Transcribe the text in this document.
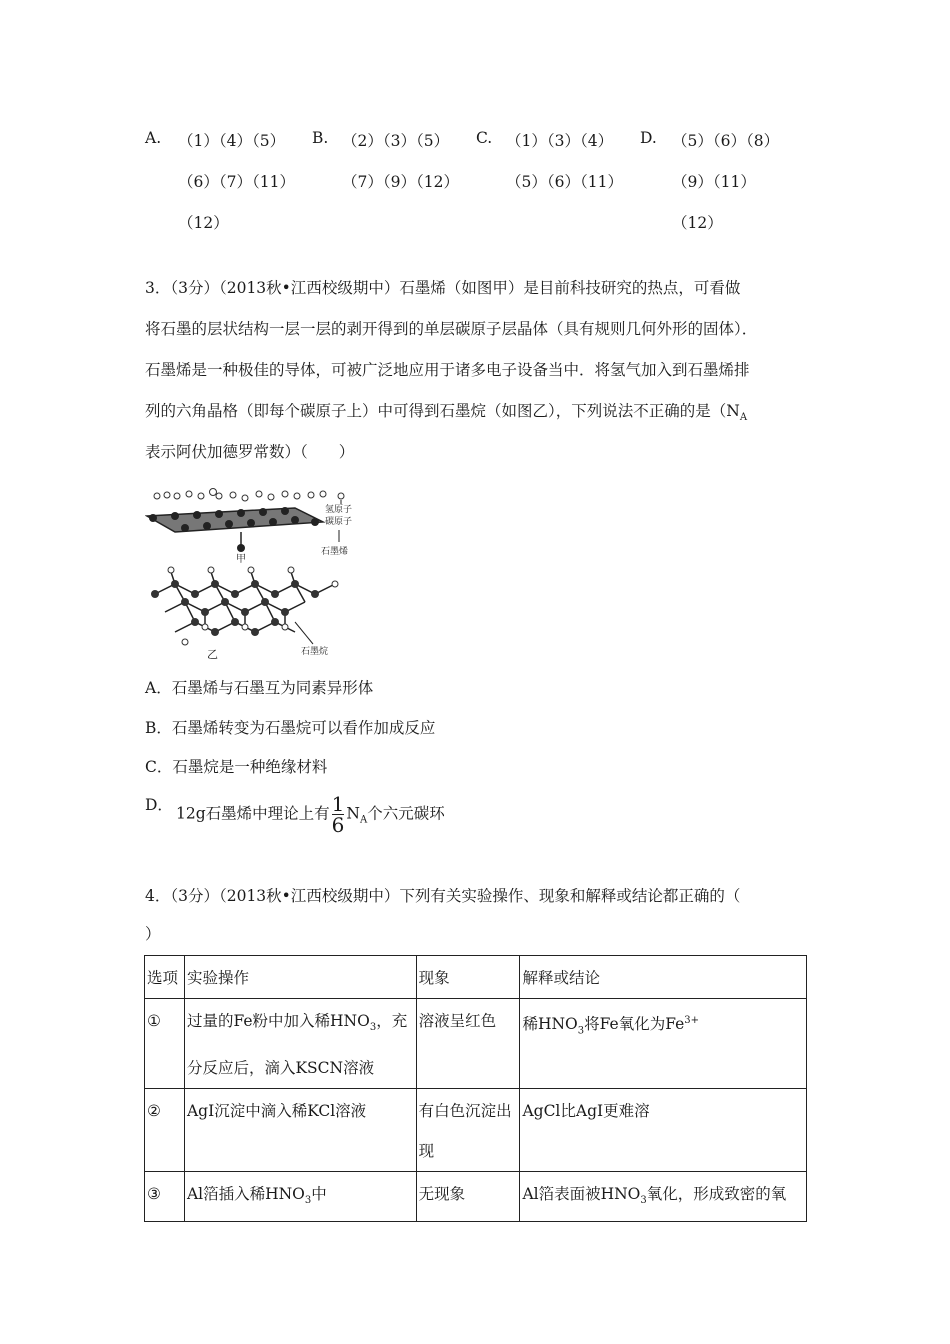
A. （1）（4）（5）
（6）（7）（11）
（12）
B. （2）（3）（5）
（7）（9）（12）
C. （1）（3）（4）
（5）（6）（11）
D. （5）（6）（8）
（9）（11）
（12）
3．（3分）（2013秋•江西校级期中）石墨烯（如图甲）是目前科技研究的热点，可看做
将石墨的层状结构一层一层的剥开得到的单层碳原子层晶体（具有规则几何外形的固体）．
石墨烯是一种极佳的导体，可被广泛地应用于诸多电子设备当中．将氢气加入到石墨烯排
列的六角晶格（即每个碳原子上）中可得到石墨烷（如图乙），下列说法不正确的是（$N_A$
表示阿伏加德罗常数）（　　）
氢原子
碳原子
石墨烯
甲
石墨烷
乙
A．石墨烯与石墨互为同素异形体
B．石墨烯转变为石墨烷可以看作加成反应
C．石墨烷是一种绝缘材料
D． 12g石墨烯中理论上有 $\frac{1}{6} N_A$个六元碳环
4．（3分）（2013秋•江西校级期中）下列有关实验操作、现象和解释或结论都正确的（
）
选项	实验操作	现象	解释或结论
①	过量的Fe粉中加入稀$HNO_3$，充分反应后，滴入KSCN溶液	溶液呈红色	稀$HNO_3$将Fe氧化为$Fe^{3+}$
②	AgI沉淀中滴入稀KCl溶液	有白色沉淀出现	AgCl比AgI更难溶
③	Al箔插入稀$HNO_3$中	无现象	Al箔表面被$HNO_3$氧化，形成致密的氧
